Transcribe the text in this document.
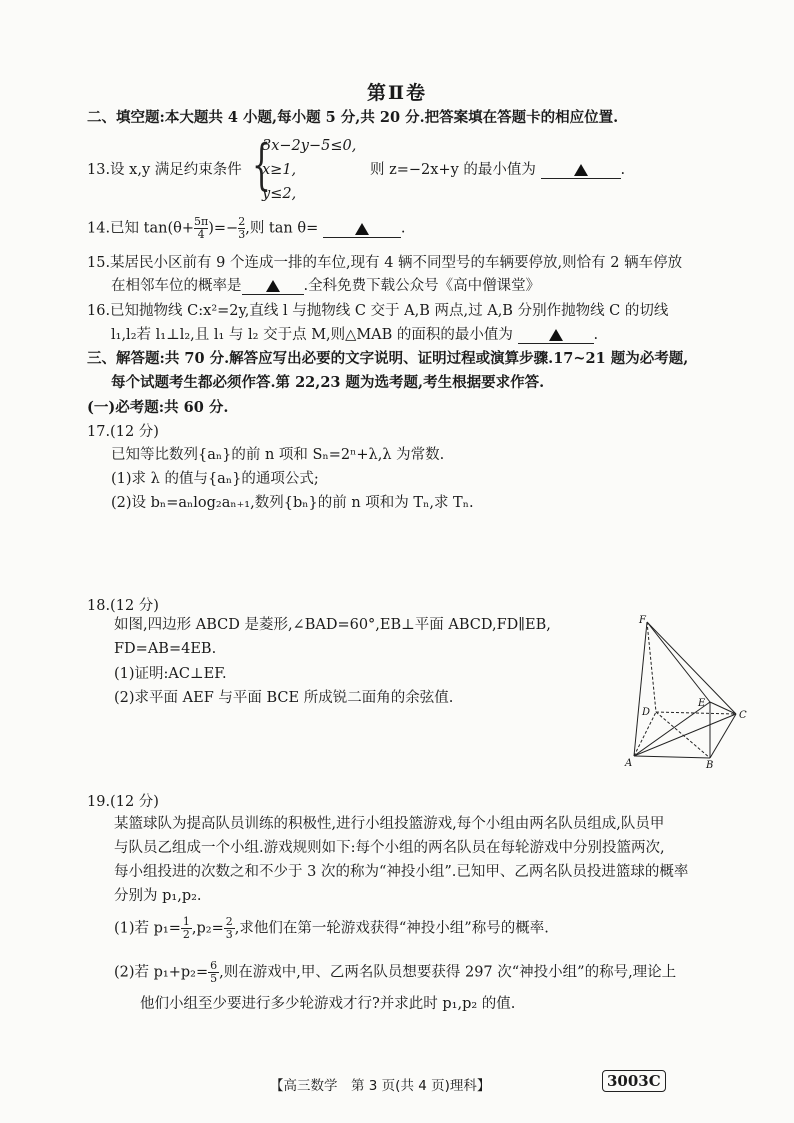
第Ⅱ卷
二、填空题:本大题共 4 小题,每小题 5 分,共 20 分.把答案填在答题卡的相应位置.
13.设 x,y 满足约束条件 {
3x−2y−5≤0,
x≥1,
y≤2,
则 z=−2x+y 的最小值为	.
14.已知 $\tan(\theta+ \frac{5\pi}{4}$ )=− $\frac{2}{3}$ ,则 tan θ=	.
15.某居民小区前有 9 个连成一排的车位,现有 4 辆不同型号的车辆要停放,则恰有 2 辆车停放
在相邻车位的概率是	.全科免费下载公众号《高中僧课堂》
16.已知抛物线 C:x²=2y,直线 l 与抛物线 C 交于 A,B 两点,过 A,B 分别作抛物线 C 的切线
l₁,l₂若 l₁⊥l₂,且 l₁ 与 l₂ 交于点 M,则△MAB 的面积的最小值为	.
三、解答题:共 70 分.解答应写出必要的文字说明、证明过程或演算步骤.17~21 题为必考题,
每个试题考生都必须作答.第 22,23 题为选考题,考生根据要求作答.
(一)必考题:共 60 分.
17.(12 分)
已知等比数列{aₙ}的前 n 项和 Sₙ=2ⁿ+λ,λ 为常数.
(1)求 λ 的值与{aₙ}的通项公式;
(2)设 bₙ=aₙlog₂aₙ₊₁,数列{bₙ}的前 n 项和为 Tₙ,求 Tₙ.
18.(12 分)
如图,四边形 ABCD 是菱形,∠BAD=60°,EB⊥平面 ABCD,FD∥EB,
FD=AB=4EB.
(1)证明:AC⊥EF.
(2)求平面 AEF 与平面 BCE 所成锐二面角的余弦值.
F
D
E
C
A	B
19.(12 分)
某篮球队为提高队员训练的积极性,进行小组投篮游戏,每个小组由两名队员组成,队员甲
与队员乙组成一个小组.游戏规则如下:每个小组的两名队员在每轮游戏中分别投篮两次,
每小组投进的次数之和不少于 3 次的称为“神投小组”.已知甲、乙两名队员投进篮球的概率
分别为 p₁,p₂.
(1)若 $p_1= \frac{1}{2} ,p_2= \frac{2}{3}$ ,求他们在第一轮游戏获得“神投小组”称号的概率.
(2)若 $p_1+p_2= \frac{6}{5}$ ,则在游戏中,甲、乙两名队员想要获得 297 次“神投小组”的称号,理论上
他们小组至少要进行多少轮游戏才行?并求此时 p₁,p₂ 的值.
【高三数学　第 3 页(共 4 页)理科】	3003C
